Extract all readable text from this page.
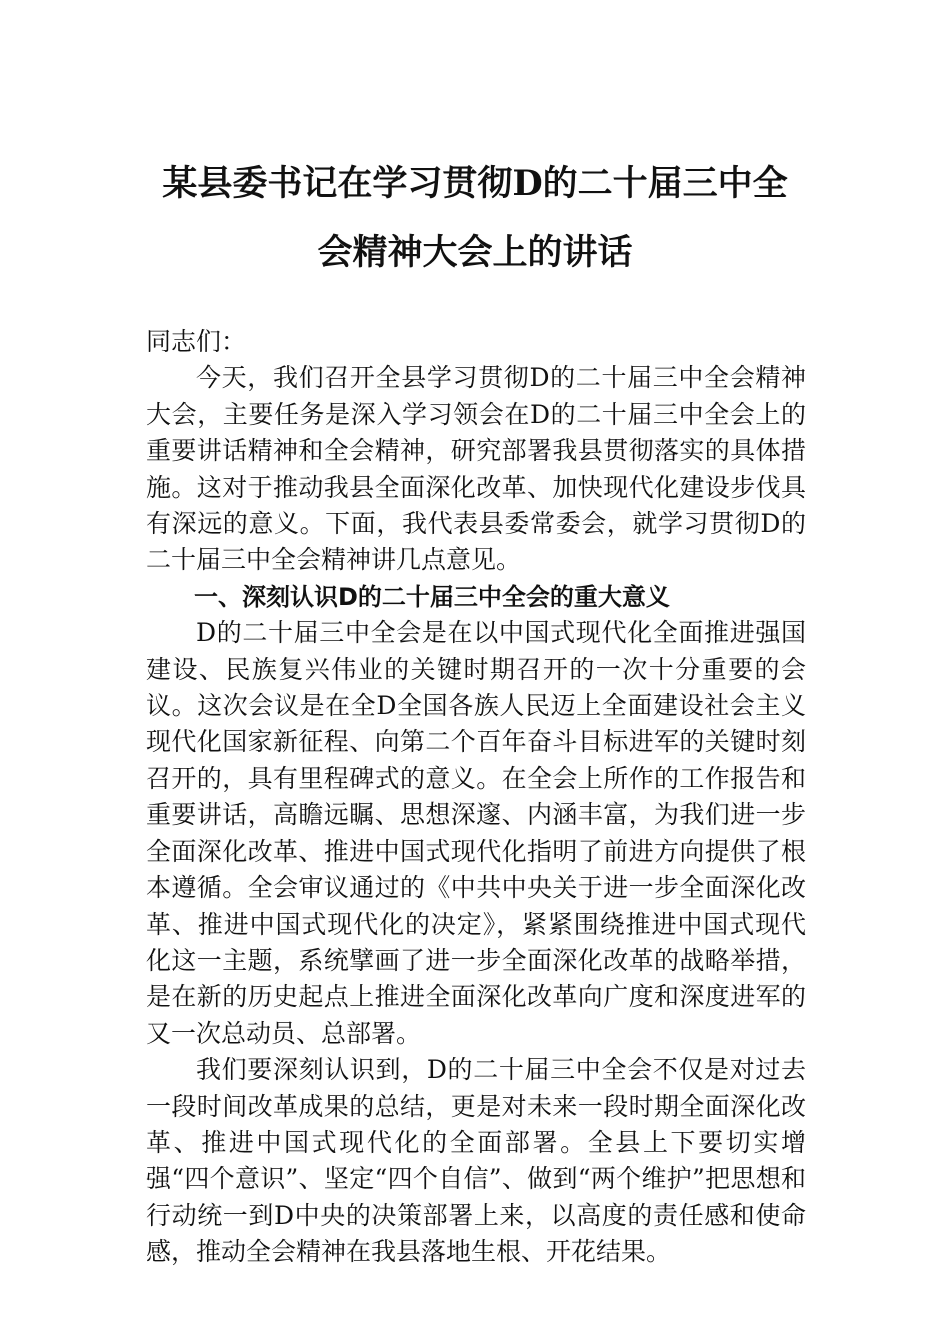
某县委书记在学习贯彻D的二十届三中全
会精神大会上的讲话

同志们：

今天，我们召开全县学习贯彻D的二十届三中全会精神大会，主要任务是深入学习领会在D的二十届三中全会上的重要讲话精神和全会精神，研究部署我县贯彻落实的具体措施。这对于推动我县全面深化改革、加快现代化建设步伐具有深远的意义。下面，我代表县委常委会，就学习贯彻D的二十届三中全会精神讲几点意见。

一、深刻认识D的二十届三中全会的重大意义

D的二十届三中全会是在以中国式现代化全面推进强国建设、民族复兴伟业的关键时期召开的一次十分重要的会议。这次会议是在全D全国各族人民迈上全面建设社会主义现代化国家新征程、向第二个百年奋斗目标进军的关键时刻召开的，具有里程碑式的意义。在全会上所作的工作报告和重要讲话，高瞻远瞩、思想深邃、内涵丰富，为我们进一步全面深化改革、推进中国式现代化指明了前进方向提供了根本遵循。全会审议通过的《中共中央关于进一步全面深化改革、推进中国式现代化的决定》，紧紧围绕推进中国式现代化这一主题，系统擘画了进一步全面深化改革的战略举措，是在新的历史起点上推进全面深化改革向广度和深度进军的又一次总动员、总部署。

我们要深刻认识到，D的二十届三中全会不仅是对过去一段时间改革成果的总结，更是对未来一段时期全面深化改革、推进中国式现代化的全面部署。全县上下要切实增强“四个意识”、坚定“四个自信”、做到“两个维护”把思想和行动统一到D中央的决策部署上来，以高度的责任感和使命感，推动全会精神在我县落地生根、开花结果。
